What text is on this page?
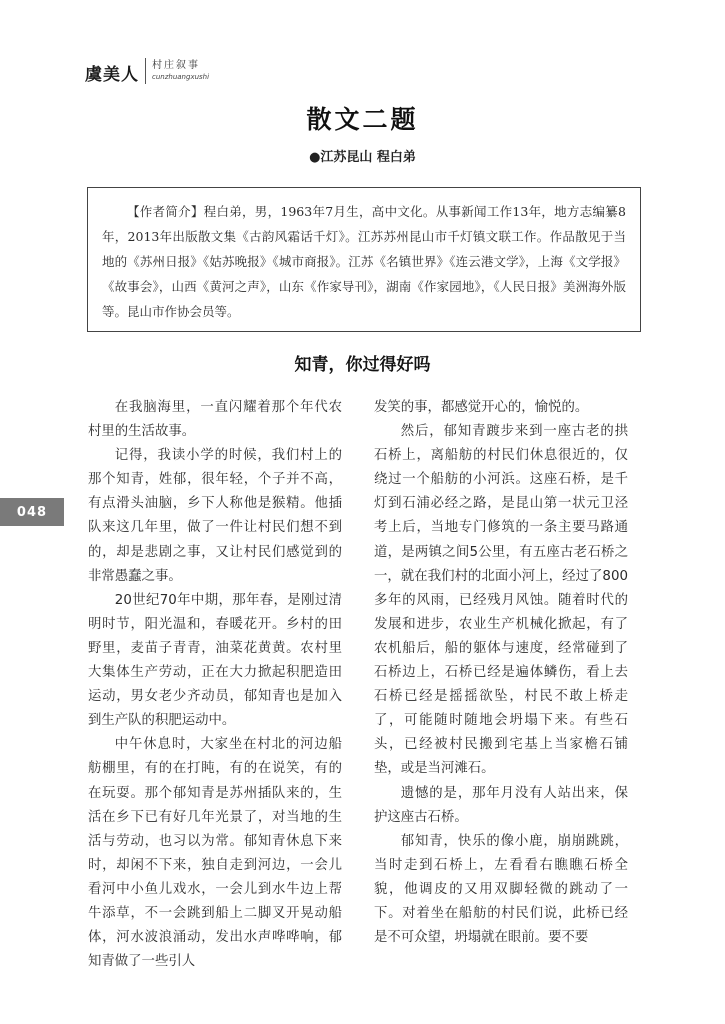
虞美人 村庄叙事
cunzhuangxushi
散文二题
●江苏昆山 程白弟

【作者简介】程白弟，男，1963年7月生，高中文化。从事新闻工作13年，地方志编纂8年，2013年出版散文集《古韵风霜话千灯》。江苏苏州昆山市千灯镇文联工作。作品散见于当地的《苏州日报》《姑苏晚报》《城市商报》。江苏《名镇世界》《连云港文学》，上海《文学报》《故事会》，山西《黄河之声》，山东《作家导刊》，湖南《作家园地》，《人民日报》美洲海外版等。昆山市作协会员等。

知青，你过得好吗
048

在我脑海里，一直闪耀着那个年代农村里的生活故事。

记得，我读小学的时候，我们村上的那个知青，姓郁，很年轻，个子并不高，有点滑头油脑，乡下人称他是猴精。他插队来这几年里，做了一件让村民们想不到的，却是悲剧之事，又让村民们感觉到的非常愚蠢之事。

20世纪70年中期，那年春，是刚过清明时节，阳光温和，春暖花开。乡村的田野里，麦苗子青青，油菜花黄黄。农村里大集体生产劳动，正在大力掀起积肥造田运动，男女老少齐动员，郁知青也是加入到生产队的积肥运动中。

中午休息时，大家坐在村北的河边船舫棚里，有的在打盹，有的在说笑，有的在玩耍。那个郁知青是苏州插队来的，生活在乡下已有好几年光景了，对当地的生活与劳动，也习以为常。郁知青休息下来时，却闲不下来，独自走到河边，一会儿看河中小鱼儿戏水，一会儿到水牛边上帮牛添草，不一会跳到船上二脚叉开晃动船体，河水波浪涌动，发出水声哗哗响，郁知青做了一些引人

发笑的事，都感觉开心的，愉悦的。

然后，郁知青踱步来到一座古老的拱石桥上，离船舫的村民们休息很近的，仅绕过一个船舫的小河浜。这座石桥，是千灯到石浦必经之路，是昆山第一状元卫泾考上后，当地专门修筑的一条主要马路通道，是两镇之间5公里，有五座古老石桥之一，就在我们村的北面小河上，经过了800多年的风雨，已经残月风蚀。随着时代的发展和进步，农业生产机械化掀起，有了农机船后，船的躯体与速度，经常碰到了石桥边上，石桥已经是遍体鳞伤，看上去石桥已经是摇摇欲坠，村民不敢上桥走了，可能随时随地会坍塌下来。有些石头，已经被村民搬到宅基上当家檐石铺垫，或是当河滩石。

遗憾的是，那年月没有人站出来，保护这座古石桥。

郁知青，快乐的像小鹿，崩崩跳跳，当时走到石桥上，左看看右瞧瞧石桥全貌，他调皮的又用双脚轻微的跳动了一下。对着坐在船舫的村民们说，此桥已经是不可众望，坍塌就在眼前。要不要
